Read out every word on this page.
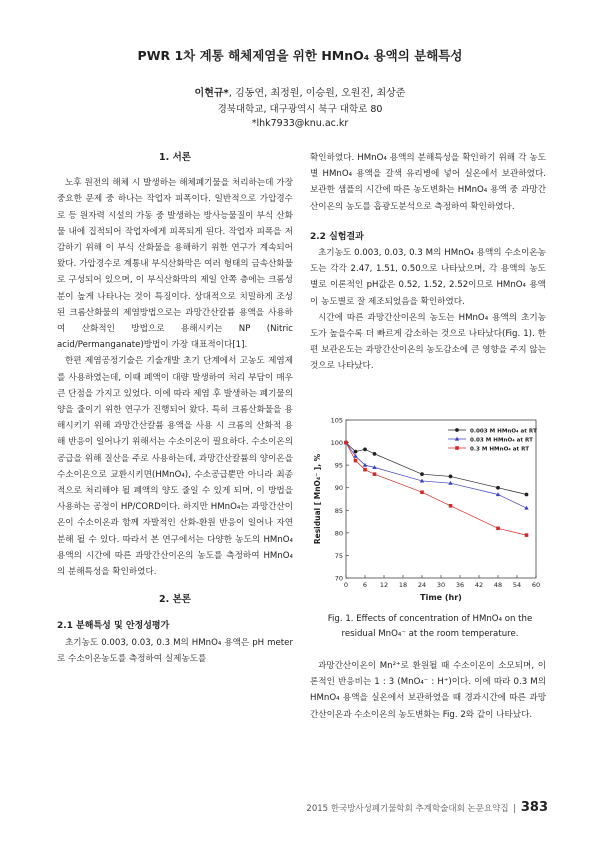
PWR 1차 계통 해체제염을 위한 HMnO₄ 용액의 분해특성
이현규*, 김동연, 최정원, 이승원, 오원진, 최상준
경북대학교, 대구광역시 북구 대학로 80
*lhk7933@knu.ac.kr
1. 서론

노후 원전의 해체 시 발생하는 해체폐기물을 처리하는데 가장 중요한 문제 중 하나는 작업자 피폭이다. 일반적으로 가압경수로 등 원자력 시설의 가동 중 발생하는 방사능물질이 부식 산화물 내에 집적되어 작업자에게 피폭되게 된다. 작업자 피폭을 저감하기 위해 이 부식 산화물을 용해하기 위한 연구가 계속되어왔다. 가압경수로 계통내 부식산화막은 여러 형태의 금속산화물로 구성되어 있으며, 이 부식산화막의 제일 안쪽 층에는 크롬성분이 높게 나타나는 것이 특징이다. 상대적으로 치밀하게 조성된 크롬산화물의 제염방법으로는 과망간산칼륨 용액을 사용하여 산화적인 방법으로 용해시키는 NP (Nitric acid/Permanganate)방법이 가장 대표적이다[1].

한편 제염공정기술은 기술개발 초기 단계에서 고농도 제염제를 사용하였는데, 이때 폐액이 대량 발생하여 처리 부담이 매우 큰 단점을 가지고 있었다. 이에 따라 제염 후 발생하는 폐기물의 양을 줄이기 위한 연구가 진행되어 왔다. 특히 크롬산화물을 용해시키기 위해 과망간산칼륨 용액을 사용 시 크롬의 산화적 용해 반응이 일어나기 위해서는 수소이온이 필요하다. 수소이온의 공급을 위해 질산을 주로 사용하는데, 과망간산칼륨의 양이온을 수소이온으로 교환시키면(HMnO₄), 수소공급뿐만 아니라 최종적으로 처리해야 될 폐액의 양도 줄일 수 있게 되며, 이 방법을 사용하는 공정이 HP/CORD이다. 하지만 HMnO₄는 과망간산이온이 수소이온과 함께 자발적인 산화-환원 반응이 일어나 자연분해 될 수 있다. 따라서 본 연구에서는 다양한 농도의 HMnO₄ 용액의 시간에 따른 과망간산이온의 농도를 측정하여 HMnO₄의 분해특성을 확인하였다.

2. 본론
2.1 분해특성 및 안정성평가

초기농도 0.003, 0.03, 0.3 M의 HMnO₄ 용액은 pH meter로 수소이온농도를 측정하여 실제농도를

확인하였다. HMnO₄ 용액의 분해특성을 확인하기 위해 각 농도별 HMnO₄ 용액을 갈색 유리병에 넣어 실온에서 보관하였다. 보관한 샘플의 시간에 따른 농도변화는 HMnO₄ 용액 중 과망간산이온의 농도를 흡광도분석으로 측정하여 확인하였다.

2.2 실험결과

초기농도 0.003, 0.03, 0.3 M의 HMnO₄ 용액의 수소이온농도는 각각 2.47, 1.51, 0.50으로 나타났으며, 각 용액의 농도별로 이론적인 pH값은 0.52, 1.52, 2.52이므로 HMnO₄ 용액이 농도별로 잘 제조되었음을 확인하였다.

시간에 따른 과망간산이온의 농도는 HMnO₄ 용액의 초기농도가 높을수록 더 빠르게 감소하는 것으로 나타났다(Fig. 1). 한편 보관온도는 과망간산이온의 농도감소에 큰 영향을 주지 않는 것으로 나타났다.

70
75
80
85
90
95
100
105
0 6 12 18 24 30 36 42 48 54 60
Time (hr)
Residual [ MnO₄⁻ ], %
0.003 M HMnO₄ at RT
0.03 M HMnO₄ at RT
0.3 M HMnO₄ at RT
Fig. 1. Effects of concentration of HMnO₄ on the
residual MnO₄⁻ at the room temperature.

과망간산이온이 Mn²⁺로 환원될 때 수소이온이 소모되며, 이론적인 반응비는 1 : 3 (MnO₄⁻ : H⁺)이다. 이에 따라 0.3 M의 HMnO₄ 용액을 실온에서 보관하였을 때 경과시간에 따른 과망간산이온과 수소이온의 농도변화는 Fig. 2와 같이 나타났다.

2015 한국방사성폐기물학회 추계학술대회 논문요약집 | 383
